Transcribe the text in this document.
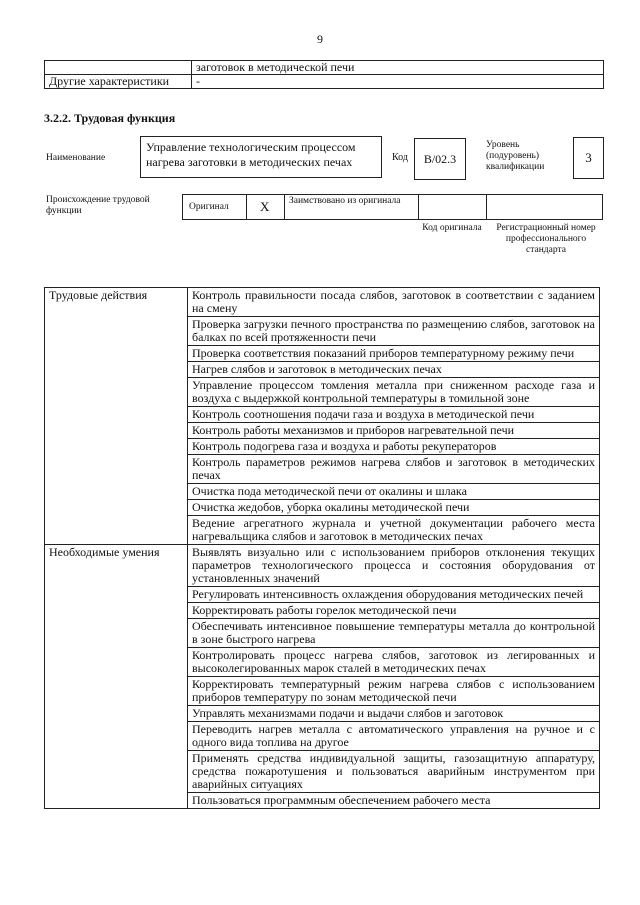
9
	заготовок в методической печи
Другие характеристики	-
3.2.2. Трудовая функция
Наименование
Управление технологическим процессом нагрева заготовки в методических печах	Код	B/02.3
Уровень (подуровень) квалификации
3
Происхождение трудовой функции	Оригинал X Заимствовано из оригинала
Код оригинала	Регистрационный номер профессионального стандарта
Трудовые действия	Контроль правильности посада слябов, заготовок в соответствии с заданием на смену
	Проверка загрузки печного пространства по размещению слябов, заготовок на балках по всей протяженности печи
	Проверка соответствия показаний приборов температурному режиму печи
	Нагрев слябов и заготовок в методических печах
	Управление процессом томления металла при сниженном расходе газа и воздуха с выдержкой контрольной температуры в томильной зоне
	Контроль соотношения подачи газа и воздуха в методической печи
	Контроль работы механизмов и приборов нагревательной печи
	Контроль подогрева газа и воздуха и работы рекуператоров
	Контроль параметров режимов нагрева слябов и заготовок в методических печах
	Очистка пода методической печи от окалины и шлака
	Очистка жедобов, уборка окалины методической печи
	Ведение агрегатного журнала и учетной документации рабочего места нагревальщика слябов и заготовок в методических печах
Необходимые умения	Выявлять визуально или с использованием приборов отклонения текущих параметров технологического процесса и состояния оборудования от установленных значений
	Регулировать интенсивность охлаждения оборудования методических печей
	Корректировать работы горелок методической печи
	Обеспечивать интенсивное повышение температуры металла до контрольной в зоне быстрого нагрева
	Контролировать процесс нагрева слябов, заготовок из легированных и высоколегированных марок сталей в методических печах
	Корректировать температурный режим нагрева слябов с использованием приборов температуру по зонам методической печи
	Управлять механизмами подачи и выдачи слябов и заготовок
	Переводить нагрев металла с автоматического управления на ручное и с одного вида топлива на другое
	Применять средства индивидуальной защиты, газозащитную аппаратуру, средства пожаротушения и пользоваться аварийным инструментом при аварийных ситуациях
	Пользоваться программным обеспечением рабочего места
